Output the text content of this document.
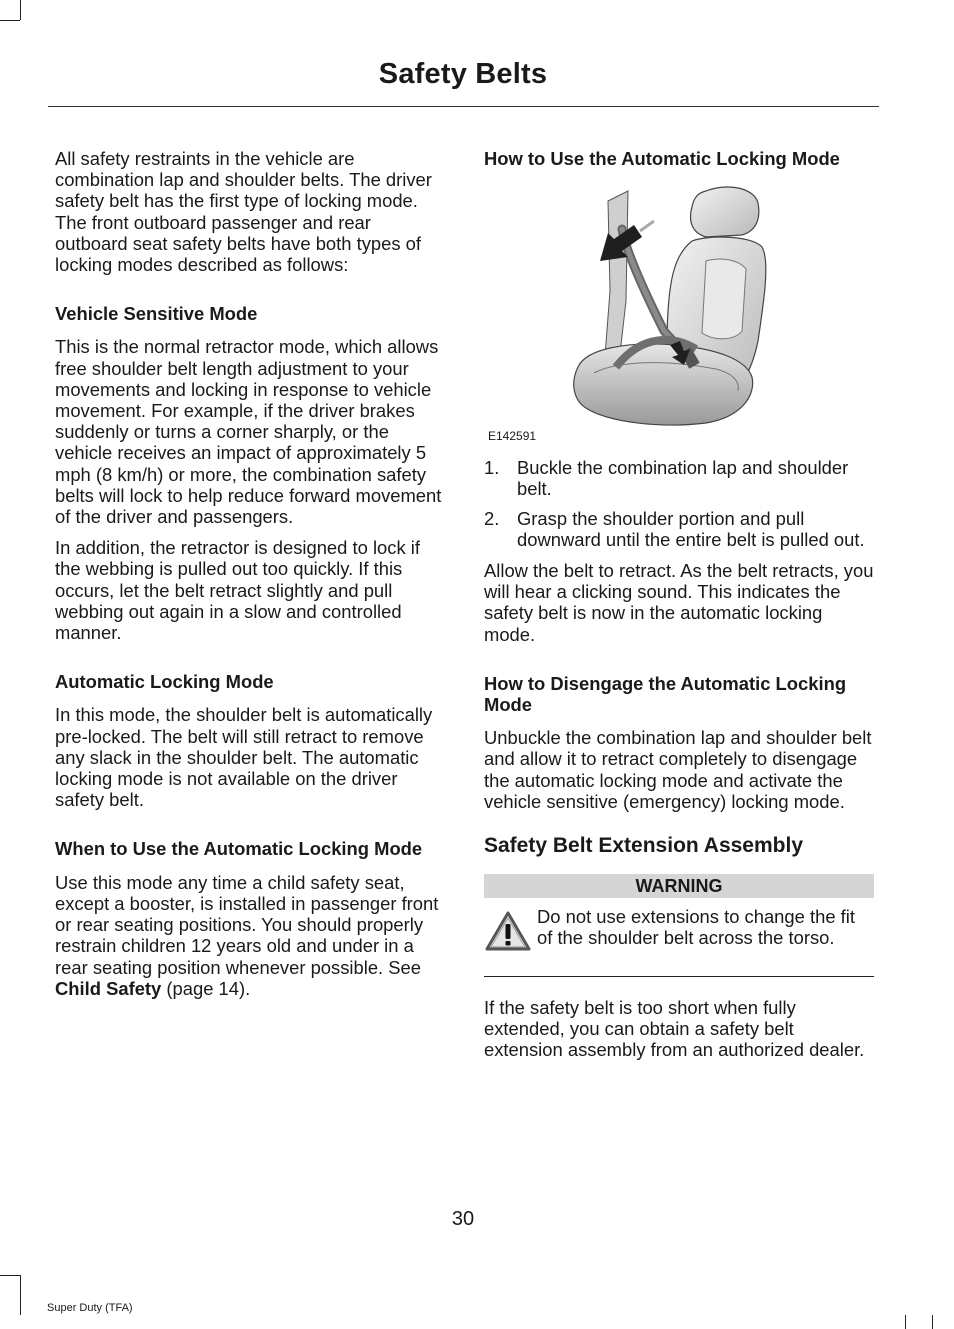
Safety Belts

All safety restraints in the vehicle are combination lap and shoulder belts. The driver safety belt has the first type of locking mode. The front outboard passenger and rear outboard seat safety belts have both types of locking modes described as follows:

Vehicle Sensitive Mode

This is the normal retractor mode, which allows free shoulder belt length adjustment to your movements and locking in response to vehicle movement. For example, if the driver brakes suddenly or turns a corner sharply, or the vehicle receives an impact of approximately 5 mph (8 km/h) or more, the combination safety belts will lock to help reduce forward movement of the driver and passengers.

In addition, the retractor is designed to lock if the webbing is pulled out too quickly. If this occurs, let the belt retract slightly and pull webbing out again in a slow and controlled manner.

Automatic Locking Mode

In this mode, the shoulder belt is automatically pre-locked. The belt will still retract to remove any slack in the shoulder belt. The automatic locking mode is not available on the driver safety belt.

When to Use the Automatic Locking Mode

Use this mode any time a child safety seat, except a booster, is installed in passenger front or rear seating positions. You should properly restrain children 12 years old and under in a rear seating position whenever possible. See Child Safety (page 14).

How to Use the Automatic Locking Mode
E142591
1. Buckle the combination lap and shoulder belt.
2. Grasp the shoulder portion and pull downward until the entire belt is pulled out.

Allow the belt to retract. As the belt retracts, you will hear a clicking sound. This indicates the safety belt is now in the automatic locking mode.

How to Disengage the Automatic Locking Mode

Unbuckle the combination lap and shoulder belt and allow it to retract completely to disengage the automatic locking mode and activate the vehicle sensitive (emergency) locking mode.

Safety Belt Extension Assembly
WARNING
Do not use extensions to change the fit of the shoulder belt across the torso.

If the safety belt is too short when fully extended, you can obtain a safety belt extension assembly from an authorized dealer.

30
Super Duty (TFA)
